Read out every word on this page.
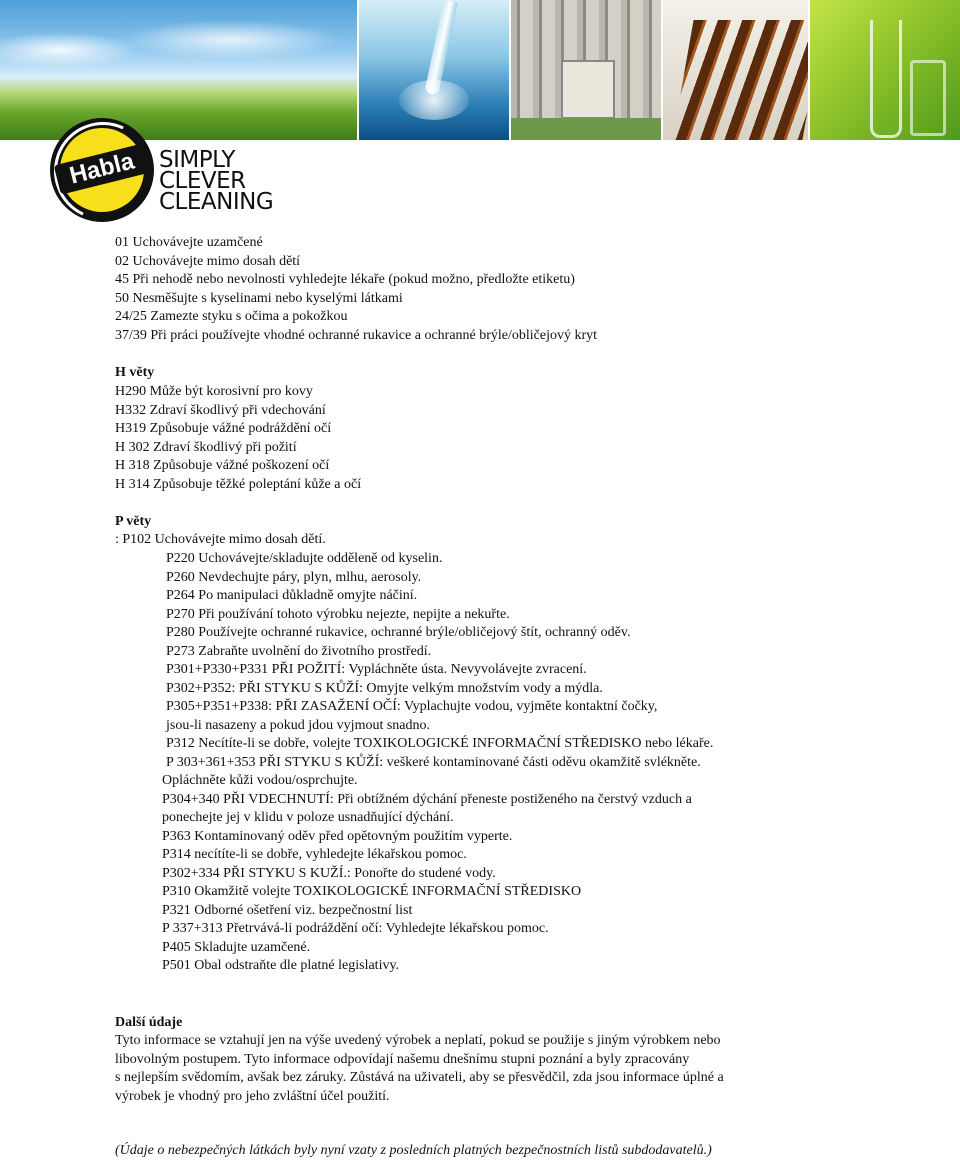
Habla SIMPLY
CLEVER
CLEANING
01 Uchovávejte uzamčené
02 Uchovávejte mimo dosah dětí
45 Při nehodě nebo nevolnosti vyhledejte lékaře (pokud možno, předložte etiketu)
50 Nesměšujte s kyselinami nebo kyselými látkami
24/25 Zamezte styku s očima a pokožkou
37/39 Při práci používejte vhodné ochranné rukavice a ochranné brýle/obličejový kryt
H věty
H290 Může být korosivní pro kovy
H332 Zdraví škodlivý při vdechování
H319 Způsobuje vážné podráždění očí
H 302 Zdraví škodlivý při požití
H 318 Způsobuje vážné poškození očí
H 314 Způsobuje těžké poleptání kůže a očí
P věty
: P102 Uchovávejte mimo dosah dětí.
P220 Uchovávejte/skladujte odděleně od kyselin.
P260 Nevdechujte páry, plyn, mlhu, aerosoly.
P264 Po manipulaci důkladně omyjte náčiní.
P270 Při používání tohoto výrobku nejezte, nepijte a nekuřte.
P280 Používejte ochranné rukavice, ochranné brýle/obličejový štít, ochranný oděv.
P273 Zabraňte uvolnění do životního prostředí.
P301+P330+P331 PŘI POŽITÍ: Vypláchněte ústa. Nevyvolávejte zvracení.
P302+P352: PŘI STYKU S KŮŽÍ: Omyjte velkým množstvím vody a mýdla.
P305+P351+P338: PŘI ZASAŽENÍ OČÍ: Vyplachujte vodou, vyjměte kontaktní čočky,
jsou-li nasazeny a pokud jdou vyjmout snadno.
P312 Necítíte-li se dobře, volejte TOXIKOLOGICKÉ INFORMAČNÍ STŘEDISKO nebo lékaře.
P 303+361+353 PŘI STYKU S KŮŽÍ: veškeré kontaminované části oděvu okamžitě svlékněte.
Opláchněte kůži vodou/osprchujte.
P304+340 PŘI VDECHNUTÍ: Při obtížném dýchání přeneste postiženého na čerstvý vzduch a
ponechejte jej v klidu v poloze usnadňující dýchání.
P363 Kontaminovaný oděv před opětovným použitím vyperte.
P314 necítíte-li se dobře, vyhledejte lékařskou pomoc.
P302+334 PŘI STYKU S KUŽÍ.: Ponořte do studené vody.
P310 Okamžitě volejte TOXIKOLOGICKÉ INFORMAČNÍ STŘEDISKO
P321 Odborné ošetření viz. bezpečnostní list
P 337+313 Přetrvává-li podráždění očí: Vyhledejte lékařskou pomoc.
P405 Skladujte uzamčené.
P501 Obal odstraňte dle platné legislativy.
Další údaje
Tyto informace se vztahují jen na výše uvedený výrobek a neplatí, pokud se použije s jiným výrobkem nebo
libovolným postupem. Tyto informace odpovídají našemu dnešnímu stupni poznání a byly zpracovány
s nejlepším svědomím, avšak bez záruky. Zůstává na uživateli, aby se přesvědčil, zda jsou informace úplné a
výrobek je vhodný pro jeho zvláštní účel použití.
(Údaje o nebezpečných látkách byly nyní vzaty z posledních platných bezpečnostních listů subdodavatelů.)
